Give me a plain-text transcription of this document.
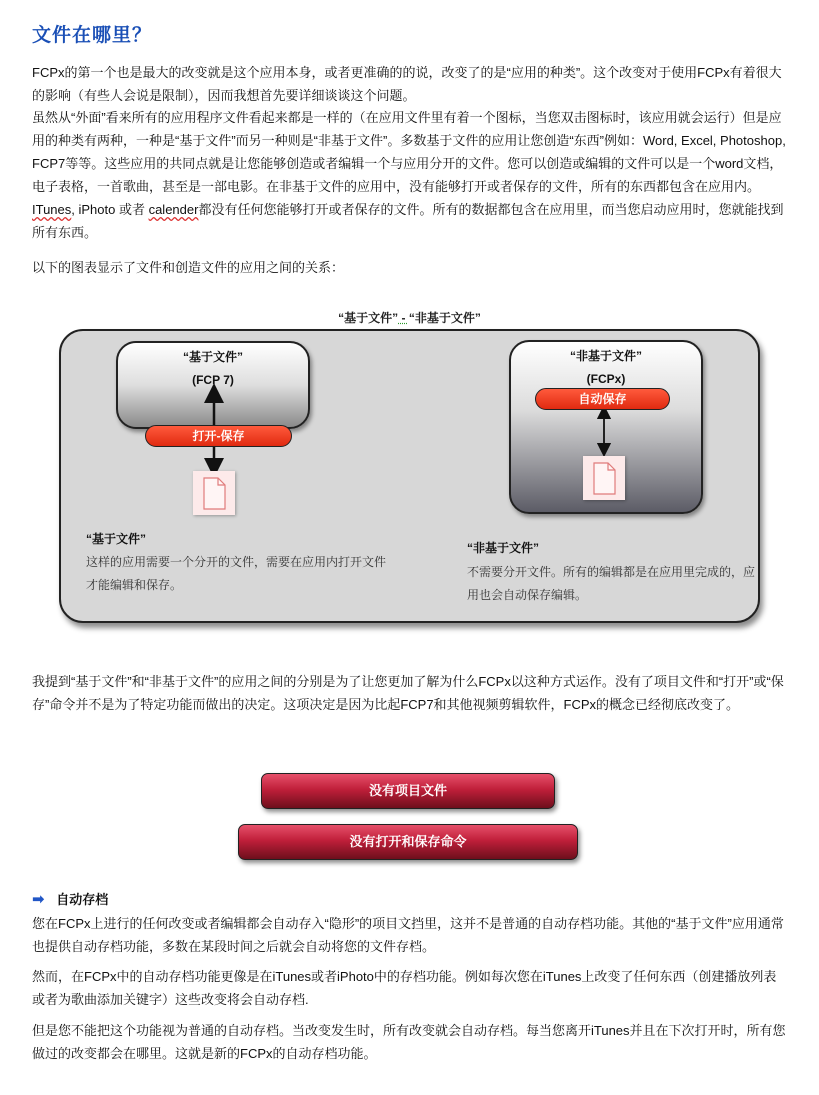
文件在哪里？
FCPx的第一个也是最大的改变就是这个应用本身，或者更准确的的说，改变了的是“应用的种类”。这个改变对于使用FCPx有着很大的影响（有些人会说是限制），因而我想首先要详细谈谈这个问题。
虽然从“外面”看来所有的应用程序文件看起来都是一样的（在应用文件里有着一个图标，当您双击图标时，该应用就会运行）但是应用的种类有两种，一种是“基于文件”而另一种则是“非基于文件”。多数基于文件的应用让您创造“东西”例如：Word, Excel, Photoshop, FCP7等等。这些应用的共同点就是让您能够创造或者编辑一个与应用分开的文件。您可以创造或编辑的文件可以是一个word文档，电子表格，一首歌曲，甚至是一部电影。在非基于文件的应用中，没有能够打开或者保存的文件，所有的东西都包含在应用内。ITunes, iPhoto 或者 calender都没有任何您能够打开或者保存的文件。所有的数据都包含在应用里，而当您启动应用时，您就能找到所有东西。
以下的图表显示了文件和创造文件的应用之间的关系：
“基于文件” - “非基于文件”
“基于文件”
(FCP 7)
“非基于文件”
(FCPx)
打开-保存
自动保存
“基于文件”
这样的应用需要一个分开的文件，需要在应用内打开文件才能编辑和保存。
“非基于文件”
不需要分开文件。所有的编辑都是在应用里完成的，应用也会自动保存编辑。
我提到“基于文件”和“非基于文件”的应用之间的分别是为了让您更加了解为什么FCPx以这种方式运作。没有了项目文件和“打开”或“保存”命令并不是为了特定功能而做出的决定。这项决定是因为比起FCP7和其他视频剪辑软件，FCPx的概念已经彻底改变了。
没有项目文件
没有打开和保存命令
➡ 自动存档
您在FCPx上进行的任何改变或者编辑都会自动存入“隐形”的项目文挡里，这并不是普通的自动存档功能。其他的“基于文件”应用通常也提供自动存档功能，多数在某段时间之后就会自动将您的文件存档。
然而，在FCPx中的自动存档功能更像是在iTunes或者iPhoto中的存档功能。例如每次您在iTunes上改变了任何东西（创建播放列表或者为歌曲添加关键字）这些改变将会自动存档.
但是您不能把这个功能视为普通的自动存档。当改变发生时，所有改变就会自动存档。每当您离开iTunes并且在下次打开时，所有您做过的改变都会在哪里。这就是新的FCPx的自动存档功能。
